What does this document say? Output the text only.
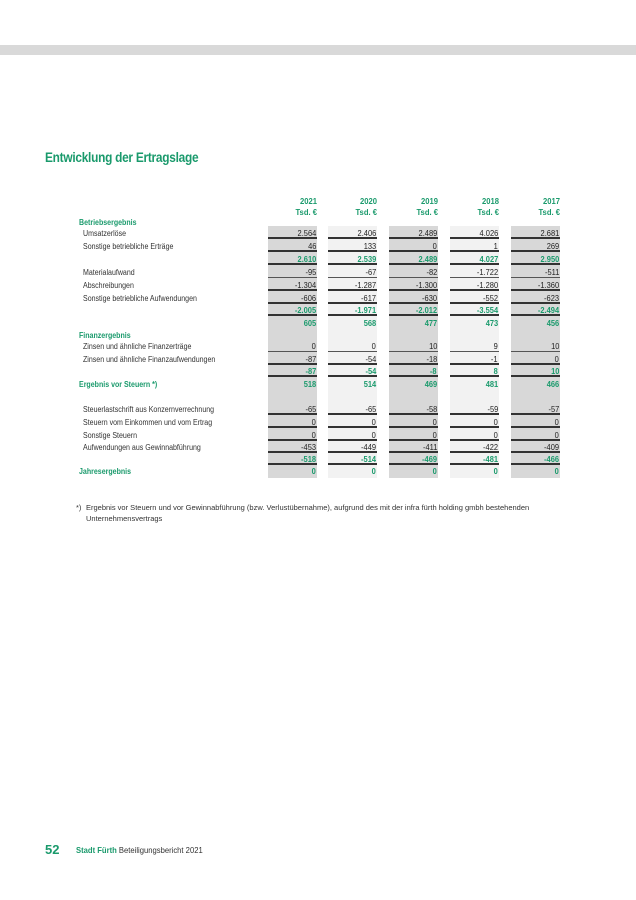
Entwicklung der Ertragslage
2021
Tsd. €
2020
Tsd. €
2019
Tsd. €
2018
Tsd. €
2017
Tsd. €
Betriebsergebnis
Umsatzerlöse
Sonstige betriebliche Erträge
Materialaufwand
Abschreibungen
Sonstige betriebliche Aufwendungen
Finanzergebnis
Zinsen und ähnliche Finanzerträge
Zinsen und ähnliche Finanzaufwendungen
Ergebnis vor Steuern *)
Steuerlastschrift aus Konzernverrechnung
Steuern vom Einkommen und vom Ertrag
Sonstige Steuern
Aufwendungen aus Gewinnabführung
Jahresergebnis
2.564
46
2.610
-95
-1.304
-606
-2.005
605
0
-87
-87
518
-65
0
0
-453
-518
0
2.406
133
2.539
-67
-1.287
-617
-1.971
568
0
-54
-54
514
-65
0
0
-449
-514
0
2.489
0
2.489
-82
-1.300
-630
-2.012
477
10
-18
-8
469
-58
0
0
-411
-469
0
4.026
1
4.027
-1.722
-1.280
-552
-3.554
473
9
-1
8
481
-59
0
0
-422
-481
0
2.681
269
2.950
-511
-1.360
-623
-2.494
456
10
0
10
466
-57
0
0
-409
-466
0
*) Ergebnis vor Steuern und vor Gewinnabführung (bzw. Verlustübernahme), aufgrund des mit der infra fürth holding gmbh bestehenden Unternehmensvertrags
52 Stadt Fürth Beteiligungsbericht 2021
